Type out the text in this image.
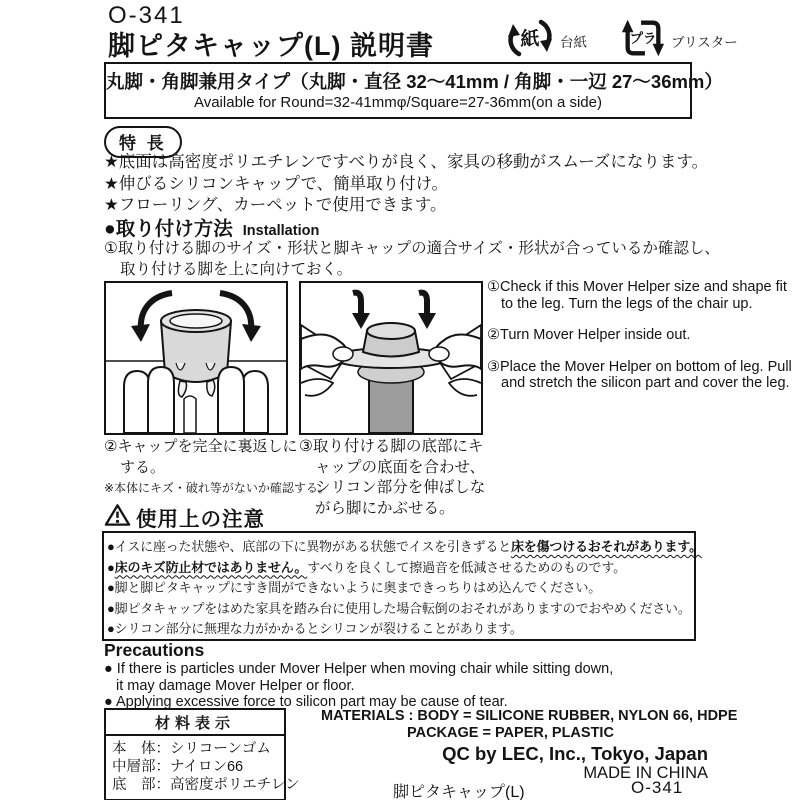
O-341
脚ピタキャップ(L) 説明書	紙 台紙	プラ ブリスター
丸脚・角脚兼用タイプ（丸脚・直径 32～41mm / 角脚・一辺 27～36mm）
Available for Round=32-41mmφ/Square=27-36mm(on a side)
特 長
★底面は高密度ポリエチレンですべりが良く、家具の移動がスムーズになります。
★伸びるシリコンキャップで、簡単取り付け。
★フローリング、カーペットで使用できます。
●取り付け方法 Installation
①取り付ける脚のサイズ・形状と脚キャップの適合サイズ・形状が合っているか確認し、取り付ける脚を上に向けておく。
①Check if this Mover Helper size and shape fit to the leg. Turn the legs of the chair up.
②Turn Mover Helper inside out.
③Place the Mover Helper on bottom of leg. Pull and stretch the silicon part and cover the leg.
②キャップを完全に裏返しにする。
※本体にキズ・破れ等がないか確認する。
③取り付ける脚の底部にキャップの底面を合わせ、シリコン部分を伸ばしながら脚にかぶせる。
使用上の注意
●イスに座った状態や、底部の下に異物がある状態でイスを引きずると床を傷つけるおそれがあります。
●床のキズ防止材ではありません。すべりを良くして擦過音を低減させるためのものです。
●脚と脚ピタキャップにすき間ができないように奥まできっちりはめ込んでください。
●脚ピタキャップをはめた家具を踏み台に使用した場合転倒のおそれがありますのでおやめください。
●シリコン部分に無理な力がかかるとシリコンが裂けることがあります。
Precautions
● If there is particles under Mover Helper when moving chair while sitting down,
it may damage Mover Helper or floor.
● Applying excessive force to silicon part may be cause of tear.
材料表示
本　体：シリコーンゴム
中層部：ナイロン66
底　部：高密度ポリエチレン
MATERIALS : BODY = SILICONE RUBBER, NYLON 66, HDPE
PACKAGE = PAPER, PLASTIC
QC by LEC, Inc., Tokyo, Japan
MADE IN CHINA
脚ピタキャップ(L)	O-341
